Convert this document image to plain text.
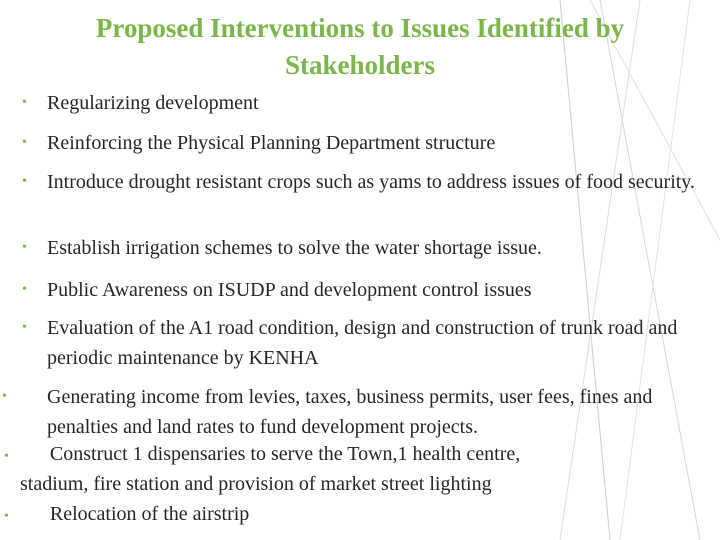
Proposed Interventions to Issues Identified by
Stakeholders
• Regularizing development
• Reinforcing the Physical Planning Department structure
• Introduce drought resistant crops such as yams to address issues of food security.
• Establish irrigation schemes to solve the water shortage issue.
• Public Awareness on ISUDP and development control issues
• Evaluation of the A1 road condition, design and construction of trunk road and periodic maintenance by KENHA
• Generating income from levies, taxes, business permits, user fees, fines and penalties and land rates to fund development projects.
• Construct 1 dispensaries to serve the Town,1 health centre,
stadium, fire station and provision of market street lighting
• Relocation of the airstrip
